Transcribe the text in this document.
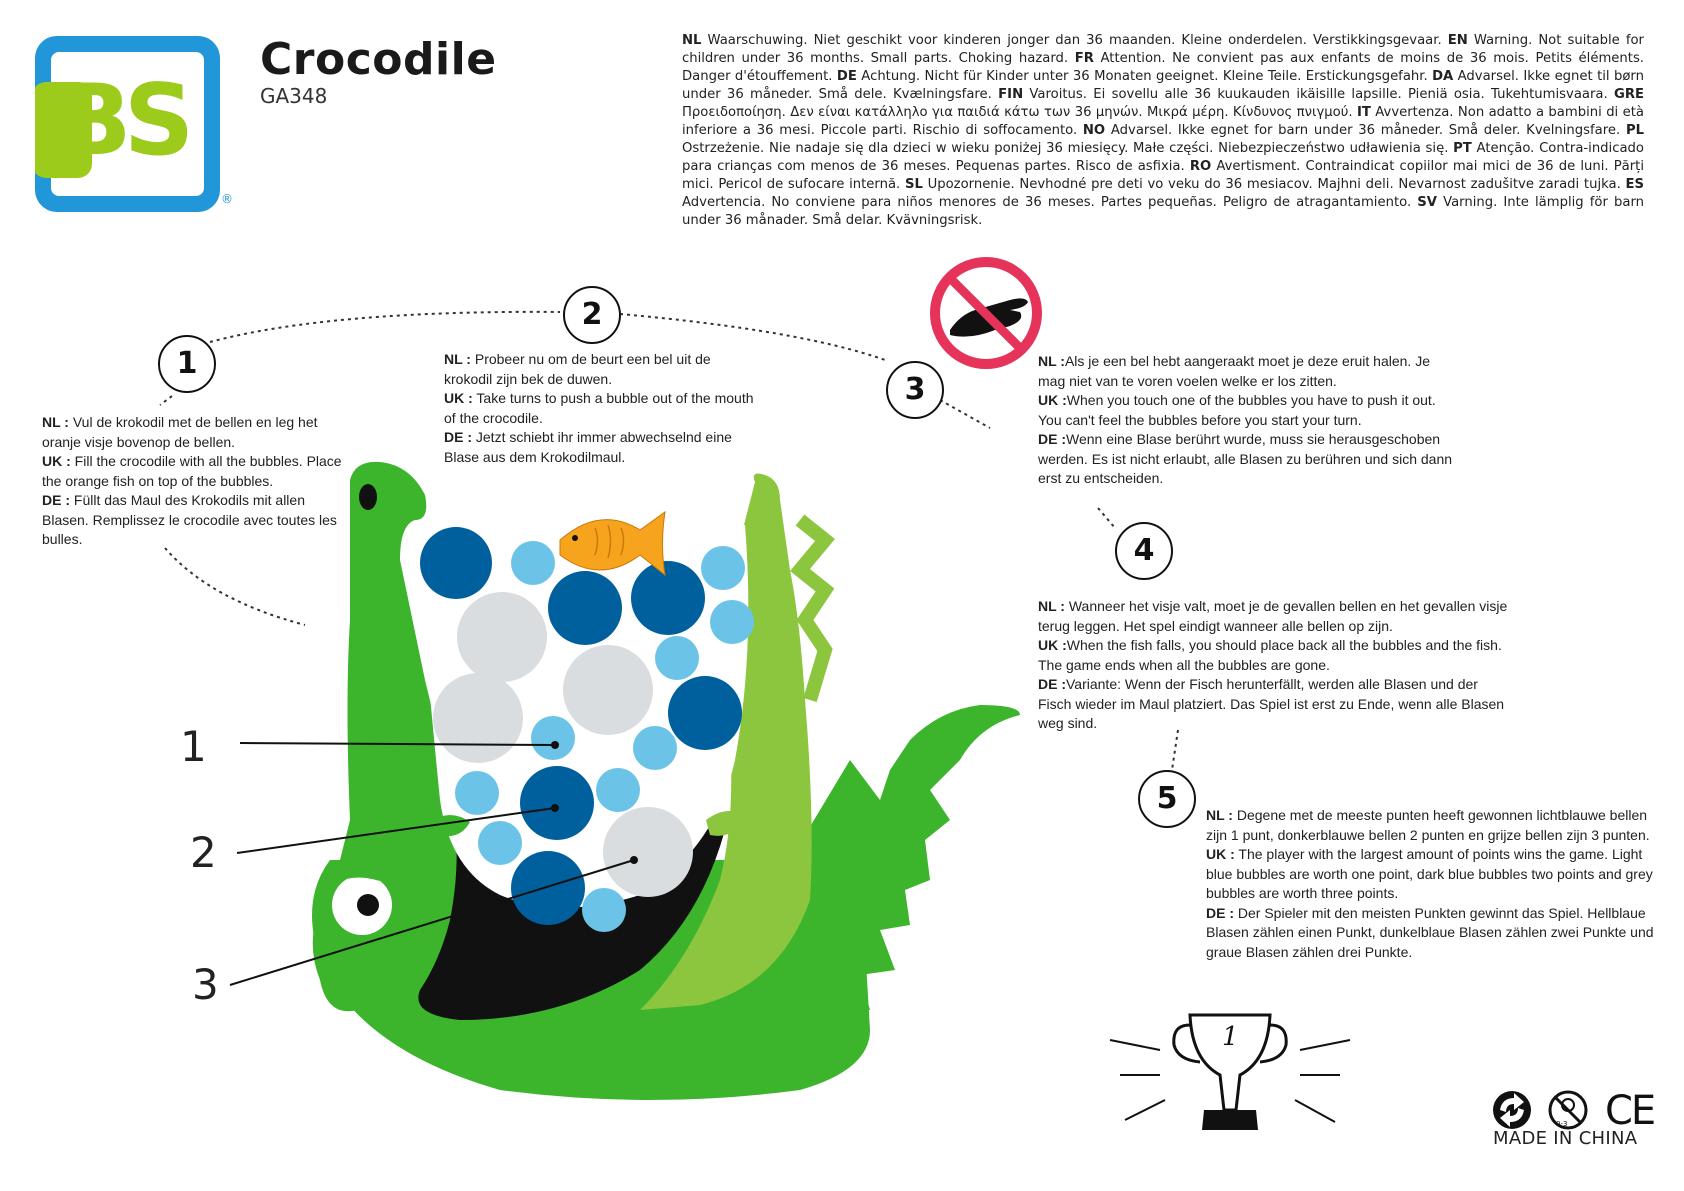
0-3
BS
®
Crocodile
GA348
NL Waarschuwing. Niet geschikt voor kinderen jonger dan 36 maanden. Kleine onderdelen. Verstikkingsgevaar. EN Warning. Not suitable for children under 36 months. Small parts. Choking hazard. FR Attention. Ne convient pas aux enfants de moins de 36 mois. Petits éléments. Danger d'étouffement. DE Achtung. Nicht für Kinder unter 36 Monaten geeignet. Kleine Teile. Erstickungsgefahr. DA Advarsel. Ikke egnet til børn under 36 måneder. Små dele. Kvælningsfare. FIN Varoitus. Ei sovellu alle 36 kuukauden ikäisille lapsille. Pieniä osia. Tukehtumisvaara. GRE Προειδοποίηση. Δεν είναι κατάλληλο για παιδιά κάτω των 36 μηνών. Μικρά μέρη. Κίνδυνος πνιγμού. IT Avvertenza. Non adatto a bambini di età inferiore a 36 mesi. Piccole parti. Rischio di soffocamento. NO Advarsel. Ikke egnet for barn under 36 måneder. Små deler. Kvelningsfare. PL Ostrzeżenie. Nie nadaje się dla dzieci w wieku poniżej 36 miesięcy. Małe części. Niebezpieczeństwo udławienia się. PT Atenção. Contra-indicado para crianças com menos de 36 meses. Pequenas partes. Risco de asfixia. RO Avertisment. Contraindicat copiilor mai mici de 36 de luni. Părți mici. Pericol de sufocare internă. SL Upozornenie. Nevhodné pre deti vo veku do 36 mesiacov. Majhni deli. Nevarnost zadušitve zaradi tujka. ES Advertencia. No conviene para niños menores de 36 meses. Partes pequeñas. Peligro de atragantamiento. SV Varning. Inte lämplig för barn under 36 månader. Små delar. Kvävningsrisk.
1
2
3
4
5
NL : Vul de krokodil met de bellen en leg het oranje visje bovenop de bellen.
UK : Fill the crocodile with all the bubbles. Place the orange fish on top of the bubbles.
DE : Füllt das Maul des Krokodils mit allen Blasen. Remplissez le crocodile avec toutes les bulles.
NL : Probeer nu om de beurt een bel uit de krokodil zijn bek de duwen.
UK : Take turns to push a bubble out of the mouth of the crocodile.
DE : Jetzt schiebt ihr immer abwechselnd eine Blase aus dem Krokodilmaul.
NL :Als je een bel hebt aangeraakt moet je deze eruit halen. Je mag niet van te voren voelen welke er los zitten.
UK :When you touch one of the bubbles you have to push it out. You can't feel the bubbles before you start your turn.
DE :Wenn eine Blase berührt wurde, muss sie herausgeschoben werden. Es ist nicht erlaubt, alle Blasen zu berühren und sich dann erst zu entscheiden.
NL : Wanneer het visje valt, moet je de gevallen bellen en het gevallen visje terug leggen. Het spel eindigt wanneer alle bellen op zijn.
UK :When the fish falls, you should place back all the bubbles and the fish. The game ends when all the bubbles are gone.
DE :Variante: Wenn der Fisch herunterfällt, werden alle Blasen und der Fisch wieder im Maul platziert. Das Spiel ist erst zu Ende, wenn alle Blasen weg sind.
NL : Degene met de meeste punten heeft gewonnen lichtblauwe bellen zijn 1 punt, donkerblauwe bellen 2 punten en grijze bellen zijn 3 punten.
UK : The player with the largest amount of points wins the game. Light blue bubbles are worth one point, dark blue bubbles two points and grey bubbles are worth three points.
DE : Der Spieler mit den meisten Punkten gewinnt das Spiel. Hellblaue Blasen zählen einen Punkt, dunkelblaue Blasen zählen zwei Punkte und graue Blasen zählen drei Punkte.
1
2
3
1
CE
MADE IN CHINA
